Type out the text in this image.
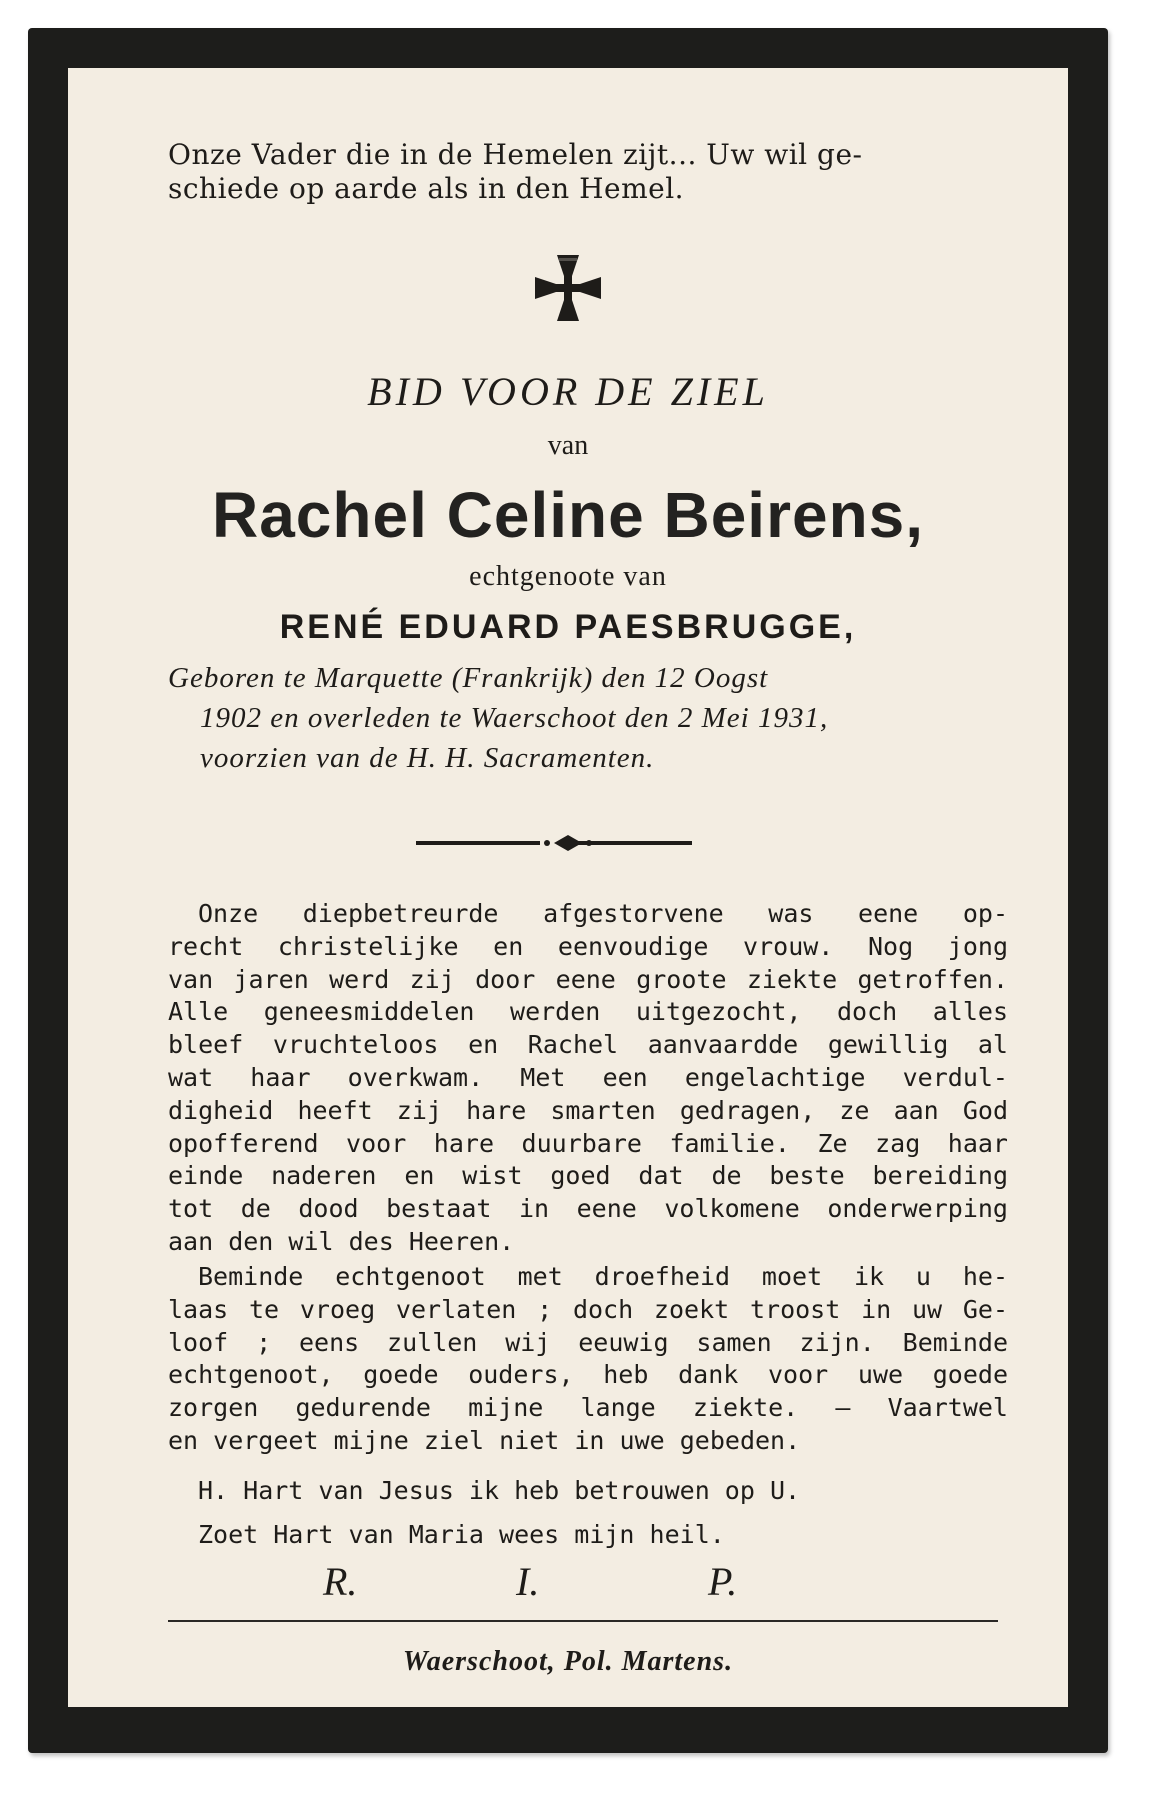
Onze Vader die in de Hemelen zijt... Uw wil ge-
schiede op aarde als in den Hemel.
BID VOOR DE ZIEL
van
Rachel Celine Beirens,
echtgenoote van
RENÉ EDUARD PAESBRUGGE,
Geboren te Marquette (Frankrijk) den 12 Oogst
1902 en overleden te Waerschoot den 2 Mei 1931,
voorzien van de H. H. Sacramenten.
Onze diepbetreurde afgestorvene was eene op-
recht christelijke en eenvoudige vrouw. Nog jong
van jaren werd zij door eene groote ziekte getroffen.
Alle geneesmiddelen werden uitgezocht, doch alles
bleef vruchteloos en Rachel aanvaardde gewillig al
wat haar overkwam. Met een engelachtige verdul-
digheid heeft zij hare smarten gedragen, ze aan God
opofferend voor hare duurbare familie. Ze zag haar
einde naderen en wist goed dat de beste bereiding
tot de dood bestaat in eene volkomene onderwerping
aan den wil des Heeren.
Beminde echtgenoot met droefheid moet ik u he-
laas te vroeg verlaten ; doch zoekt troost in uw Ge-
loof ; eens zullen wij eeuwig samen zijn. Beminde
echtgenoot, goede ouders, heb dank voor uwe goede
zorgen gedurende mijne lange ziekte. — Vaartwel
en vergeet mijne ziel niet in uwe gebeden.
H. Hart van Jesus ik heb betrouwen op U.
Zoet Hart van Maria wees mijn heil.
R.	I.	P.
Waerschoot, Pol. Martens.
